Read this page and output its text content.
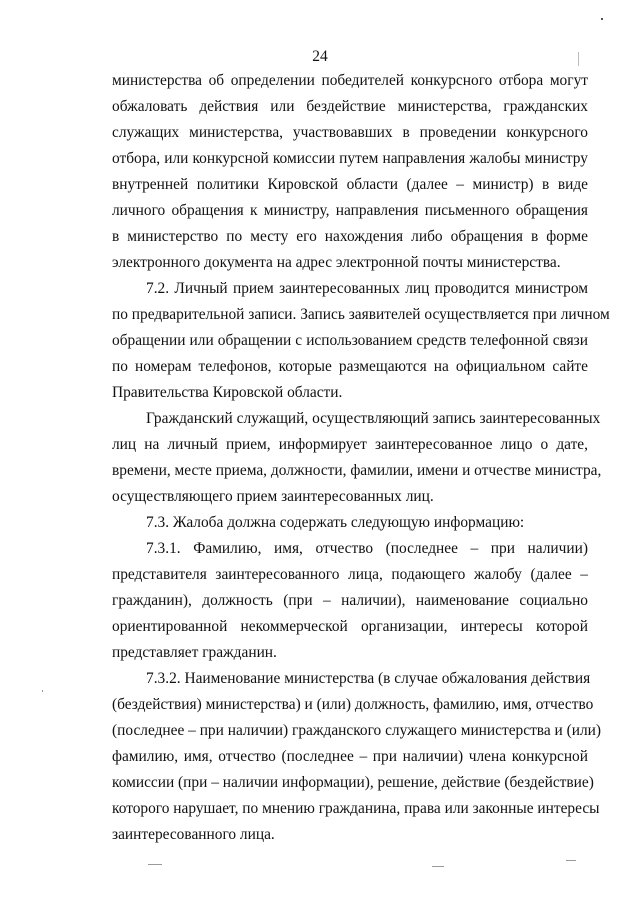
24

министерства об определении победителей конкурсного отбора могут
обжаловать действия или бездействие министерства, гражданских
служащих министерства, участвовавших в проведении конкурсного
отбора, или конкурсной комиссии путем направления жалобы министру
внутренней политики Кировской области (далее – министр) в виде
личного обращения к министру, направления письменного обращения
в министерство по месту его нахождения либо обращения в форме
электронного документа на адрес электронной почты министерства.

7.2. Личный прием заинтересованных лиц проводится министром
по предварительной записи. Запись заявителей осуществляется при личном
обращении или обращении с использованием средств телефонной связи
по номерам телефонов, которые размещаются на официальном сайте
Правительства Кировской области.

Гражданский служащий, осуществляющий запись заинтересованных
лиц на личный прием, информирует заинтересованное лицо о дате,
времени, месте приема, должности, фамилии, имени и отчестве министра,
осуществляющего прием заинтересованных лиц.

7.3. Жалоба должна содержать следующую информацию:

7.3.1. Фамилию, имя, отчество (последнее – при наличии)
представителя заинтересованного лица, подающего жалобу (далее –
гражданин), должность (при – наличии), наименование социально
ориентированной некоммерческой организации, интересы которой
представляет гражданин.

7.3.2. Наименование министерства (в случае обжалования действия
(бездействия) министерства) и (или) должность, фамилию, имя, отчество
(последнее – при наличии) гражданского служащего министерства и (или)
фамилию, имя, отчество (последнее – при наличии) члена конкурсной
комиссии (при – наличии информации), решение, действие (бездействие)
которого нарушает, по мнению гражданина, права или законные интересы
заинтересованного лица.
